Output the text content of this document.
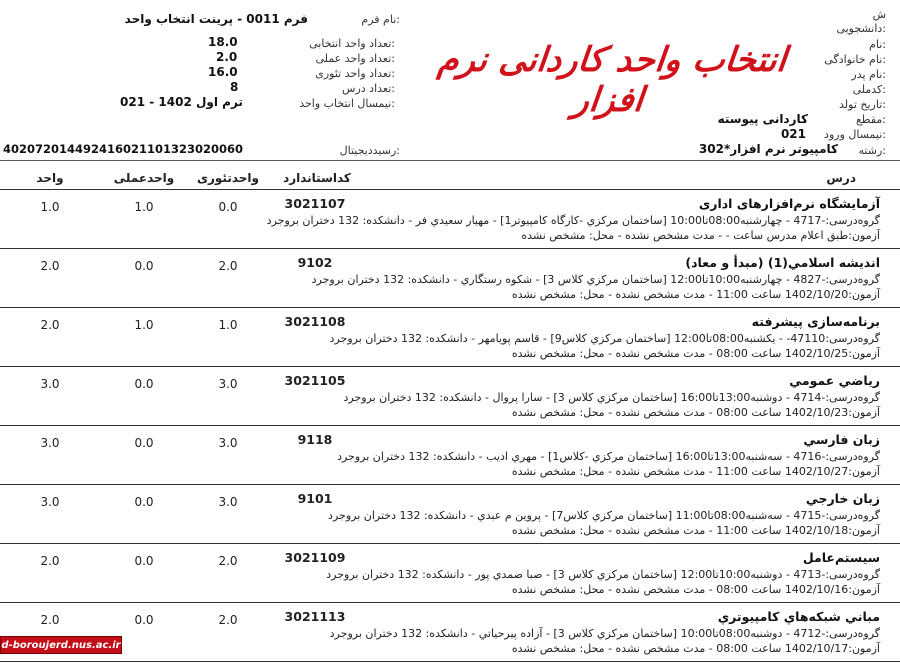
ش
دانشجویی:
نام:
نام خانوادگی:
نام پدر:
کدملی:
تاریخ تولد:
مقطع:
کاردانی پیوسته
نیمسال ورود:
021
رشته:
کامپیوتر نرم افزار*302
انتخاب واحد کاردانی نرم افزار
نام فرم:
فرم 0011 - پرینت انتخاب واحد
تعداد واحد انتخابی:
18.0
تعداد واحد عملی:
2.0
تعداد واحد تئوری:
16.0
تعداد درس:
8
نیمسال انتخاب واحد:
ترم اول 1402 - 021
رسیددیجیتال:
402072014492416021101323020060
درس
کداستاندارد
واحدتئوری
واحدعملی
واحد
آزمایشگاه نرم‌افزارهای اداری
3021107
0.0
1.0
1.0
گروه‌درسی:-4717 - چهارشنبه08:00تا10:00 [ساختمان مرکزي -کارگاه کامپیوتر1] - مهيار سعيدي فر - دانشکده: 132 دختران بروجرد
آزمون:طبق اعلام مدرس ساعت - - مدت مشخص نشده - محل: مشخص نشده
انديشه اسلامي(1) (مبدأ و معاد)
9102
2.0
0.0
2.0
گروه‌درسی:-4827 - چهارشنبه10:00تا12:00 [ساختمان مرکزي کلاس 3] - شکوه رستگاري - دانشکده: 132 دختران بروجرد
آزمون:1402/10/20 ساعت 11:00 - مدت مشخص نشده - محل: مشخص نشده
برنامه‌سازی پیشرفته
3021108
1.0
1.0
2.0
گروه‌درسی:47110- - یکشنبه08:00تا12:00 [ساختمان مرکزي کلاس9] - قاسم پویامهر - دانشکده: 132 دختران بروجرد
آزمون:1402/10/25 ساعت 08:00 - مدت مشخص نشده - محل: مشخص نشده
رياضي عمومي
3021105
3.0
0.0
3.0
گروه‌درسی:-4714 - دوشنبه13:00تا16:00 [ساختمان مرکزي کلاس 3] - سارا پروال - دانشکده: 132 دختران بروجرد
آزمون:1402/10/23 ساعت 08:00 - مدت مشخص نشده - محل: مشخص نشده
زبان فارسي
9118
3.0
0.0
3.0
گروه‌درسی:-4716 - سه‌شنبه13:00تا16:00 [ساختمان مرکزي -کلاس1] - مهري ادیب - دانشکده: 132 دختران بروجرد
آزمون:1402/10/27 ساعت 11:00 - مدت مشخص نشده - محل: مشخص نشده
زبان خارجي
9101
3.0
0.0
3.0
گروه‌درسی:-4715 - سه‌شنبه08:00تا11:00 [ساختمان مرکزي کلاس7] - پروین م عبدي - دانشکده: 132 دختران بروجرد
آزمون:1402/10/18 ساعت 11:00 - مدت مشخص نشده - محل: مشخص نشده
سيستم‌عامل
3021109
2.0
0.0
2.0
گروه‌درسی:-4713 - دوشنبه10:00تا12:00 [ساختمان مرکزي کلاس 3] - صبا صمدي پور - دانشکده: 132 دختران بروجرد
آزمون:1402/10/16 ساعت 08:00 - مدت مشخص نشده - محل: مشخص نشده
مباني شبکه‌هاي کامپيوتري
3021113
2.0
0.0
2.0
گروه‌درسی:-4712 - دوشنبه08:00تا10:00 [ساختمان مرکزي کلاس 3] - آزاده پیرحیاتي - دانشکده: 132 دختران بروجرد
آزمون:1402/10/17 ساعت 08:00 - مدت مشخص نشده - محل: مشخص نشده
d-boroujerd.nus.ac.ir
